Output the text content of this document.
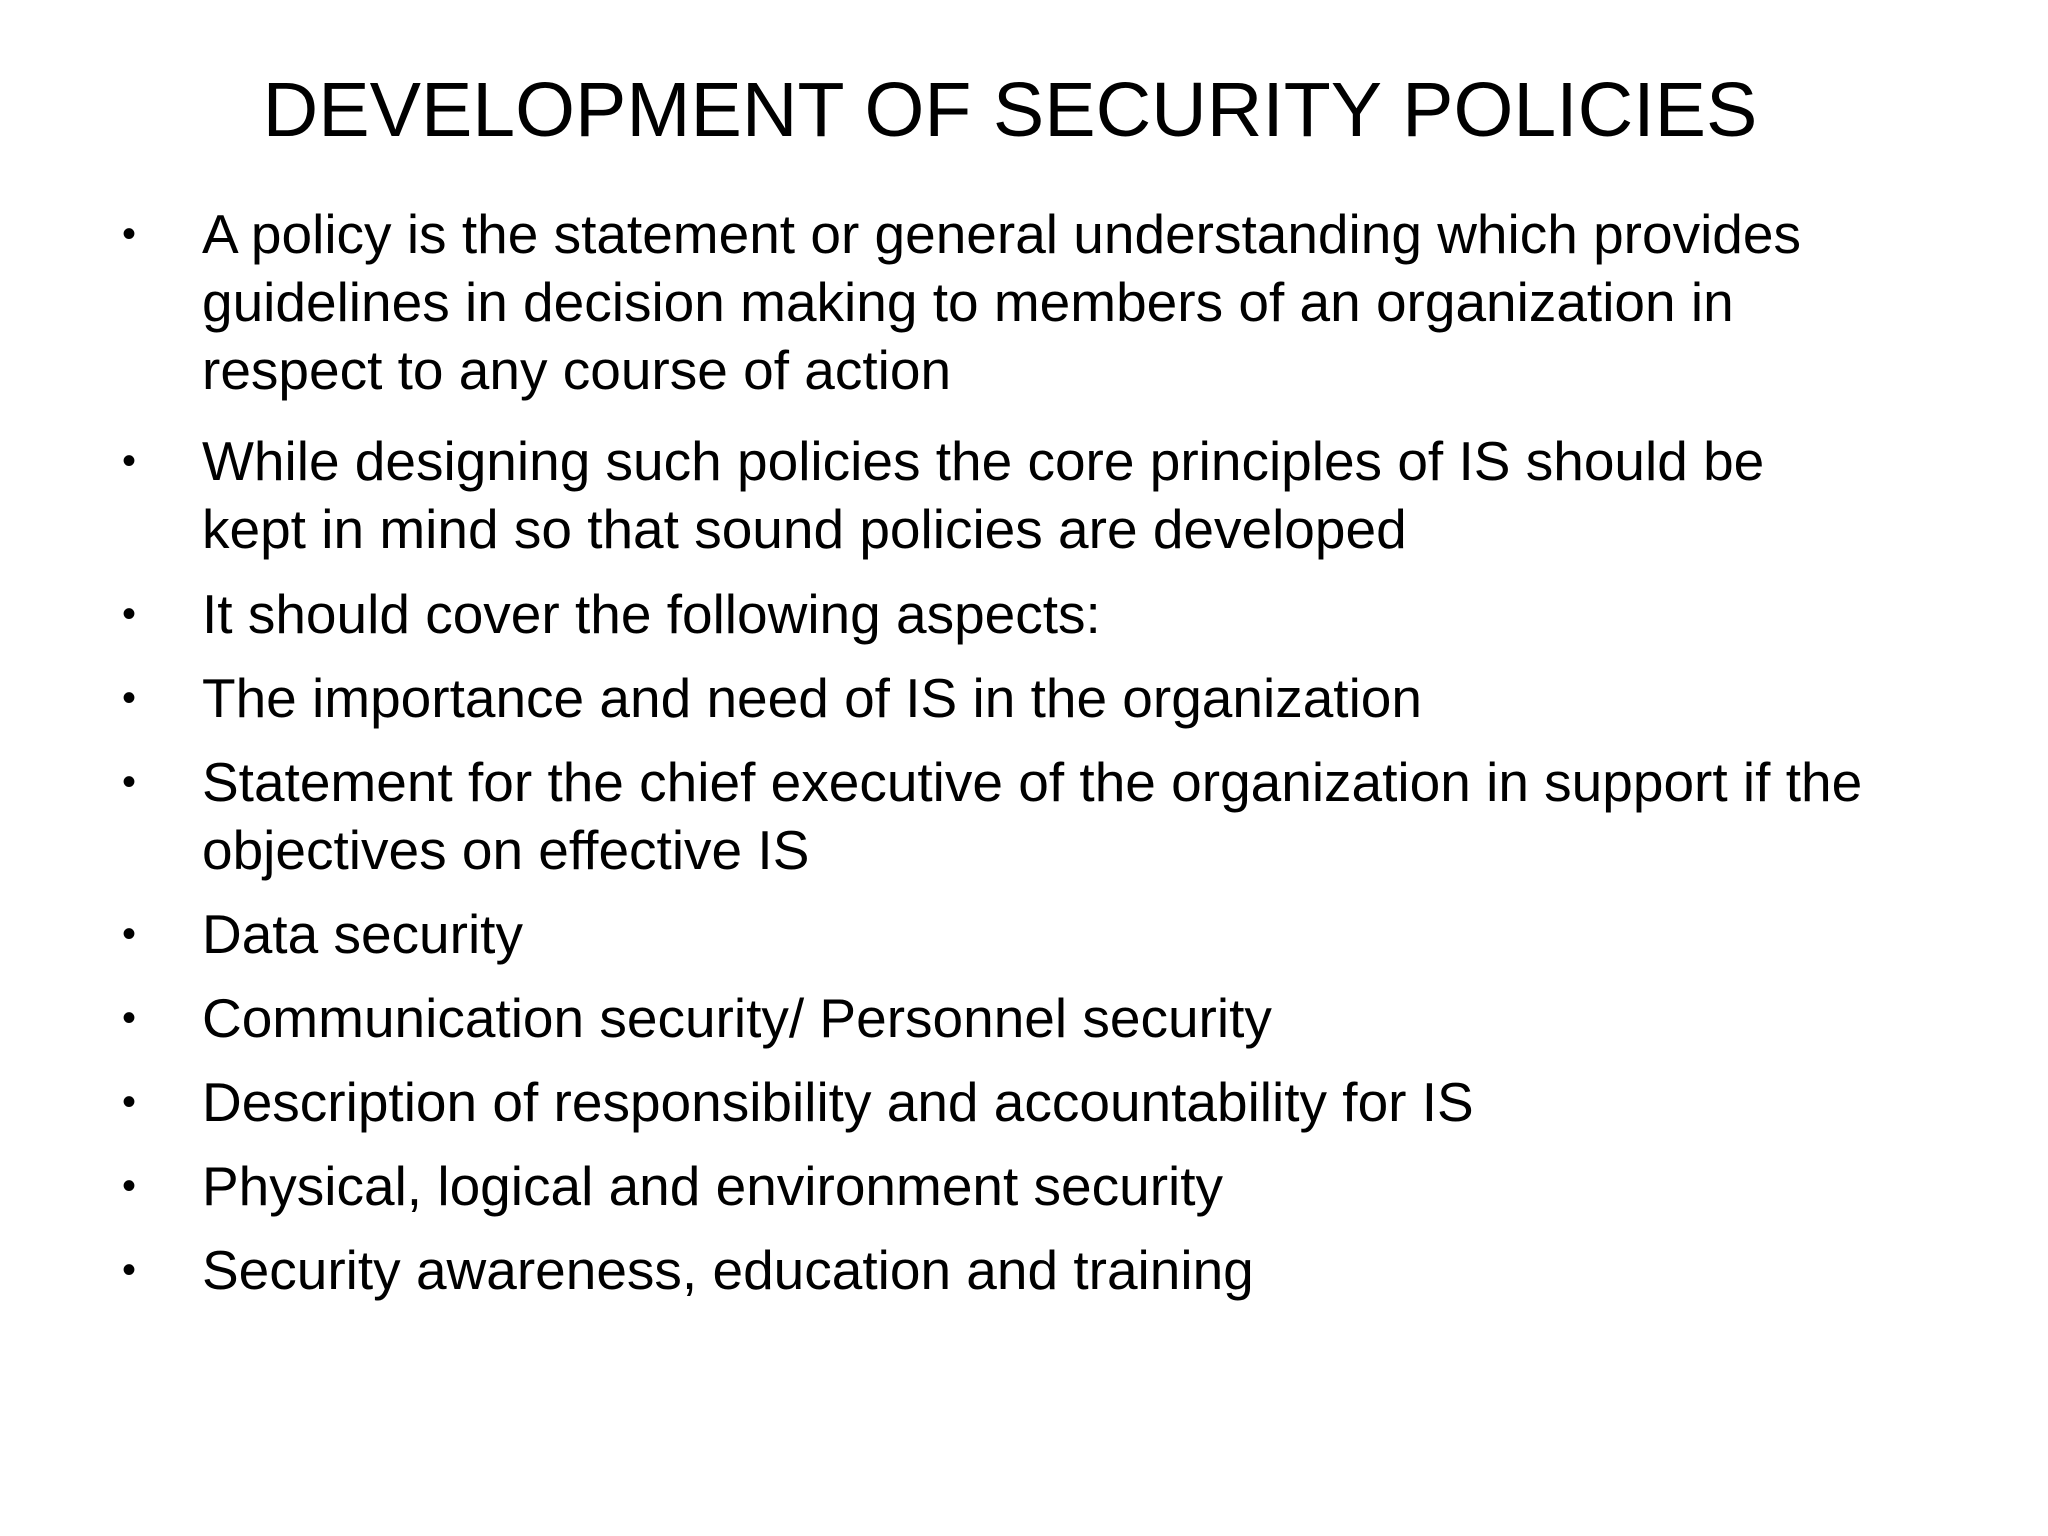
DEVELOPMENT OF SECURITY POLICIES
• A policy is the statement or general understanding which provides
guidelines in decision making to members of an organization in
respect to any course of action
• While designing such policies the core principles of IS should be
kept in mind so that sound policies are developed
• It should cover the following aspects:
• The importance and need of IS in the organization
• Statement for the chief executive of the organization in support if the
objectives on effective IS
• Data security
• Communication security/ Personnel security
• Description of responsibility and accountability for IS
• Physical, logical and environment security
• Security awareness, education and training
